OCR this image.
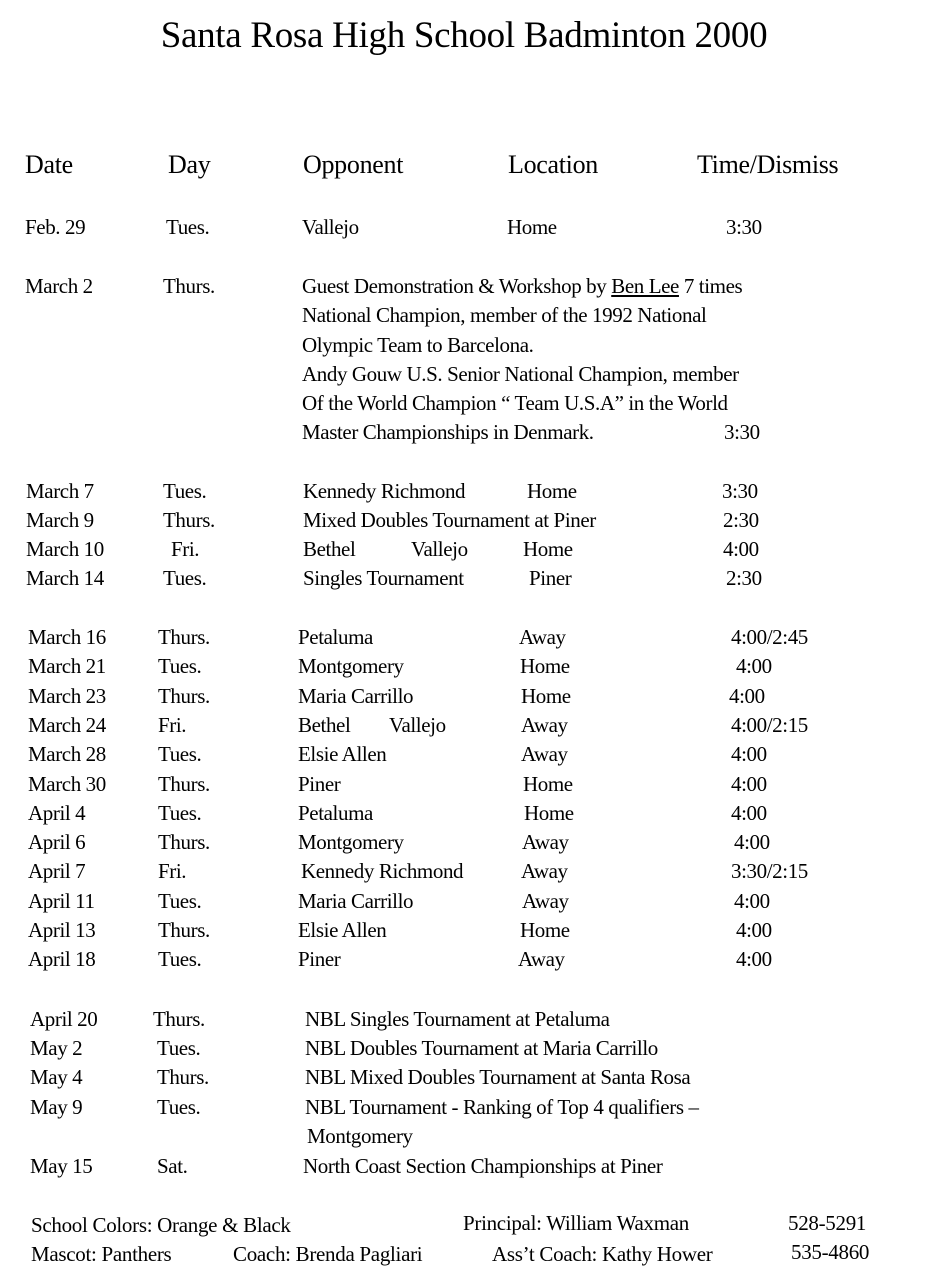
Santa Rosa High School Badminton 2000
Date	Day	Opponent	Location	Time/Dismiss
Feb. 29	Tues.	Vallejo	Home	3:30
March 2	Thurs.	Guest Demonstration & Workshop by Ben Lee 7 times
National Champion, member of the 1992 National
Olympic Team to Barcelona.
Andy Gouw U.S. Senior National Champion, member
Of the World Champion “ Team U.S.A” in the World
Master Championships in Denmark.	3:30
March 7	Tues.	Kennedy Richmond	Home	3:30
March 9	Thurs.	Mixed Doubles Tournament at Piner	2:30
March 10	Fri.	Bethel	Vallejo	Home	4:00
March 14	Tues.	Singles Tournament	Piner	2:30
March 16 Thurs.	Petaluma	Away	4:00/2:45
March 21 Tues.	Montgomery	Home	4:00
March 23 Thurs.	Maria Carrillo	Home	4:00
March 24 Fri.	Bethel Vallejo	Away	4:00/2:15
March 28 Tues.	Elsie Allen	Away	4:00
March 30 Thurs.	Piner	Home	4:00
April 4	Tues.	Petaluma	Home	4:00
April 6	Thurs.	Montgomery	Away	4:00
April 7	Fri.	Kennedy Richmond	Away	3:30/2:15
April 11	Tues.	Maria Carrillo	Away	4:00
April 13	Thurs.	Elsie Allen	Home	4:00
April 18	Tues.	Piner	Away	4:00
April 20	Thurs.	NBL Singles Tournament at Petaluma
May 2	Tues.	NBL Doubles Tournament at Maria Carrillo
May 4	Thurs.	NBL Mixed Doubles Tournament at Santa Rosa
May 9	Tues.	NBL Tournament - Ranking of Top 4 qualifiers –
Montgomery
May 15	Sat.	North Coast Section Championships at Piner
School Colors: Orange & Black	Principal: William Waxman	528-5291
Mascot: Panthers	Coach: Brenda Pagliari	Ass’t Coach: Kathy Hower	535-4860
